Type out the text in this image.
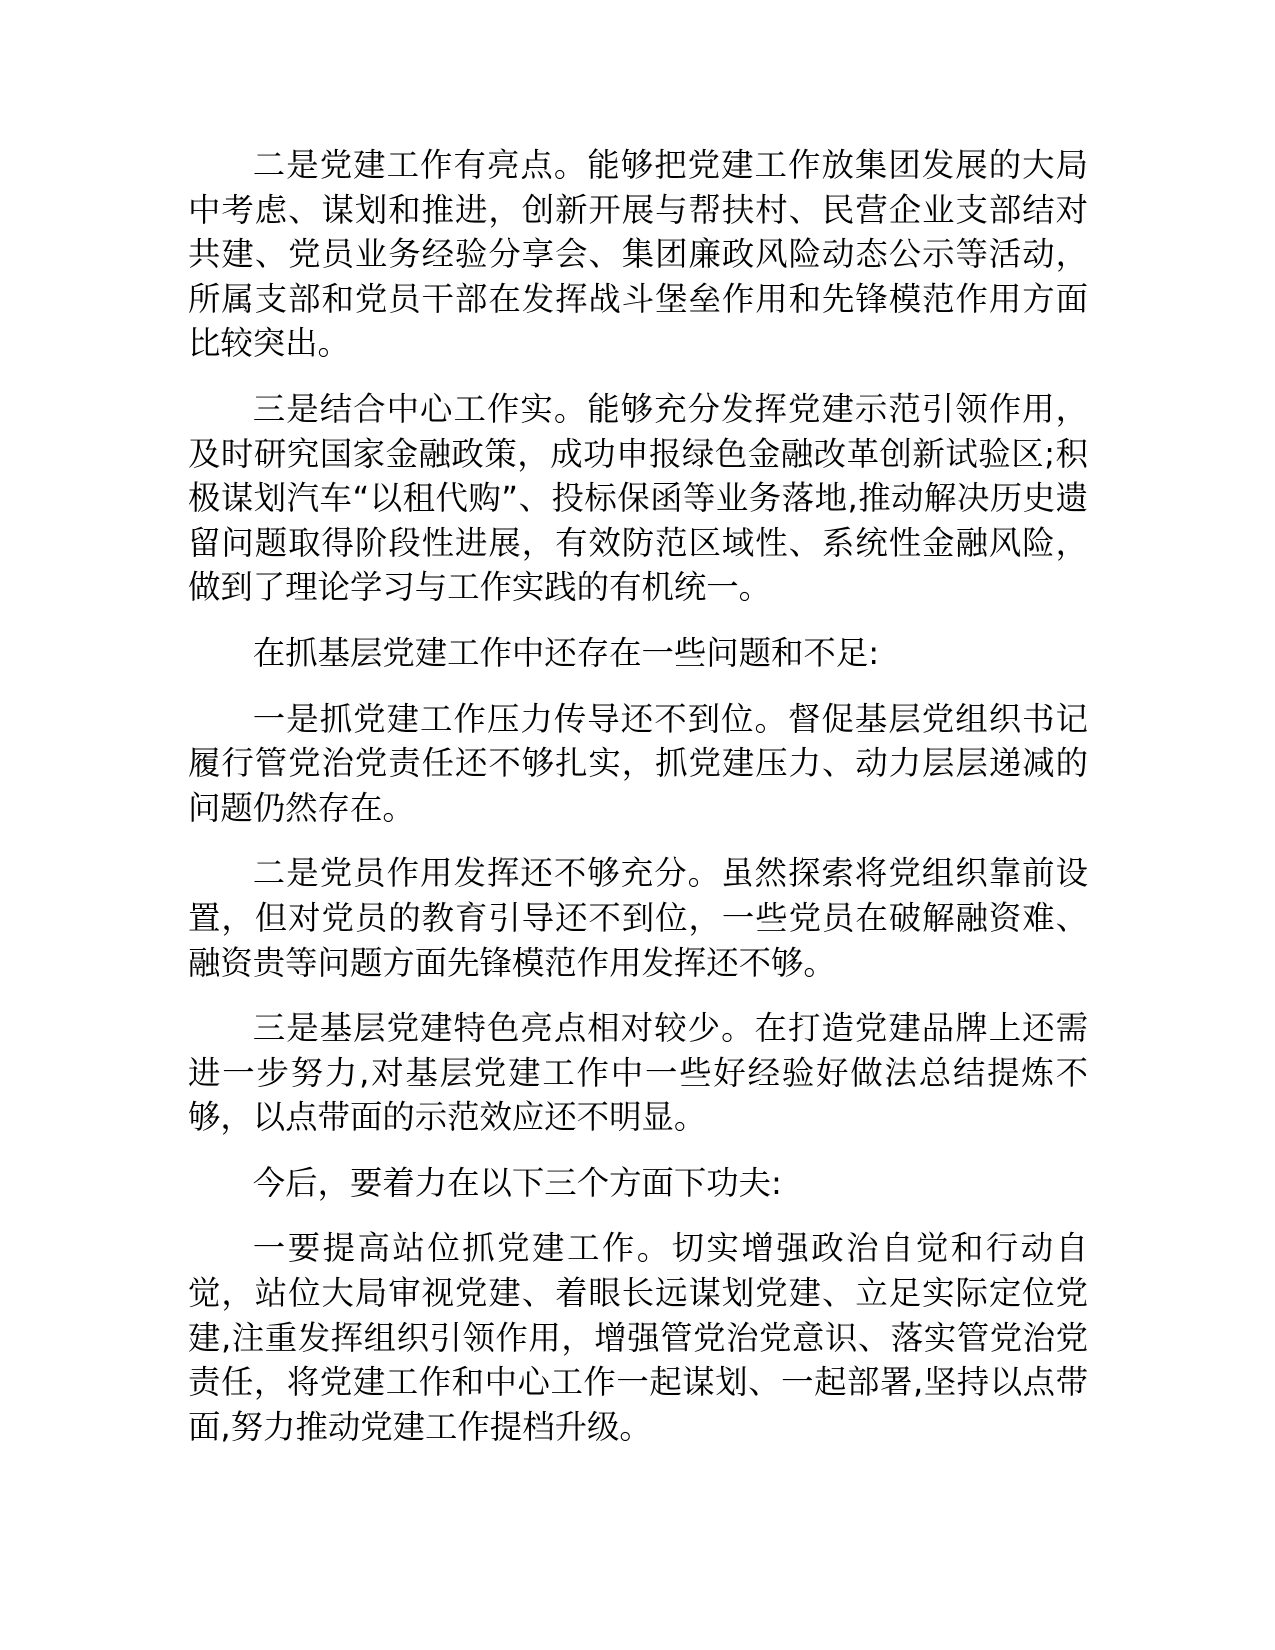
二是党建工作有亮点。能够把党建工作放集团发展的大局中考虑、谋划和推进，创新开展与帮扶村、民营企业支部结对共建、党员业务经验分享会、集团廉政风险动态公示等活动，所属支部和党员干部在发挥战斗堡垒作用和先锋模范作用方面比较突出。

三是结合中心工作实。能够充分发挥党建示范引领作用，及时研究国家金融政策，成功申报绿色金融改革创新试验区;积极谋划汽车“以租代购”、投标保函等业务落地,推动解决历史遗留问题取得阶段性进展，有效防范区域性、系统性金融风险，做到了理论学习与工作实践的有机统一。

在抓基层党建工作中还存在一些问题和不足:

一是抓党建工作压力传导还不到位。督促基层党组织书记履行管党治党责任还不够扎实，抓党建压力、动力层层递减的问题仍然存在。

二是党员作用发挥还不够充分。虽然探索将党组织靠前设置，但对党员的教育引导还不到位，一些党员在破解融资难、融资贵等问题方面先锋模范作用发挥还不够。

三是基层党建特色亮点相对较少。在打造党建品牌上还需进一步努力,对基层党建工作中一些好经验好做法总结提炼不够，以点带面的示范效应还不明显。

今后，要着力在以下三个方面下功夫:

一要提高站位抓党建工作。切实增强政治自觉和行动自觉，站位大局审视党建、着眼长远谋划党建、立足实际定位党建,注重发挥组织引领作用，增强管党治党意识、落实管党治党责任，将党建工作和中心工作一起谋划、一起部署,坚持以点带面,努力推动党建工作提档升级。
